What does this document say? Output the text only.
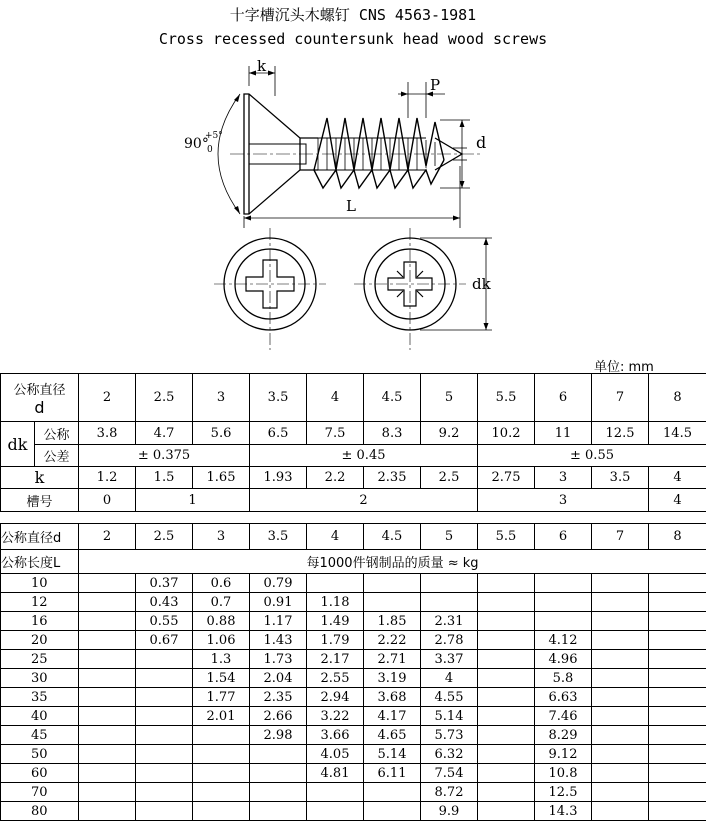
十字槽沉头木螺钉 CNS 4563-1981
Cross recessed countersunk head wood screws
k
P
d
L
dk
90°
+5°
0
单位: mm
公称直径
d		2	2.5	3	3.5	4	4.5	5	5.5	6	7	8
dk	公称	3.8	4.7	5.6	6.5	7.5	8.3	9.2	10.2	11	12.5	14.5
	公差	± 0.375			± 0.45				± 0.55			
k		1.2	1.5	1.65	1.93	2.2	2.35	2.5	2.75	3	3.5	4
槽号		0	1		2				3			4
公称直径d	2	2.5	3	3.5	4	4.5	5	5.5	6	7	8
公称长度L	每1000件钢制品的质量 ≈ kg										
10		0.37	0.6	0.79							
12		0.43	0.7	0.91	1.18						
16		0.55	0.88	1.17	1.49	1.85	2.31				
20		0.67	1.06	1.43	1.79	2.22	2.78		4.12		
25			1.3	1.73	2.17	2.71	3.37		4.96		
30			1.54	2.04	2.55	3.19	4		5.8		
35			1.77	2.35	2.94	3.68	4.55		6.63		
40			2.01	2.66	3.22	4.17	5.14		7.46		
45				2.98	3.66	4.65	5.73		8.29		
50					4.05	5.14	6.32		9.12		
60					4.81	6.11	7.54		10.8		
70							8.72		12.5		
80							9.9		14.3		
